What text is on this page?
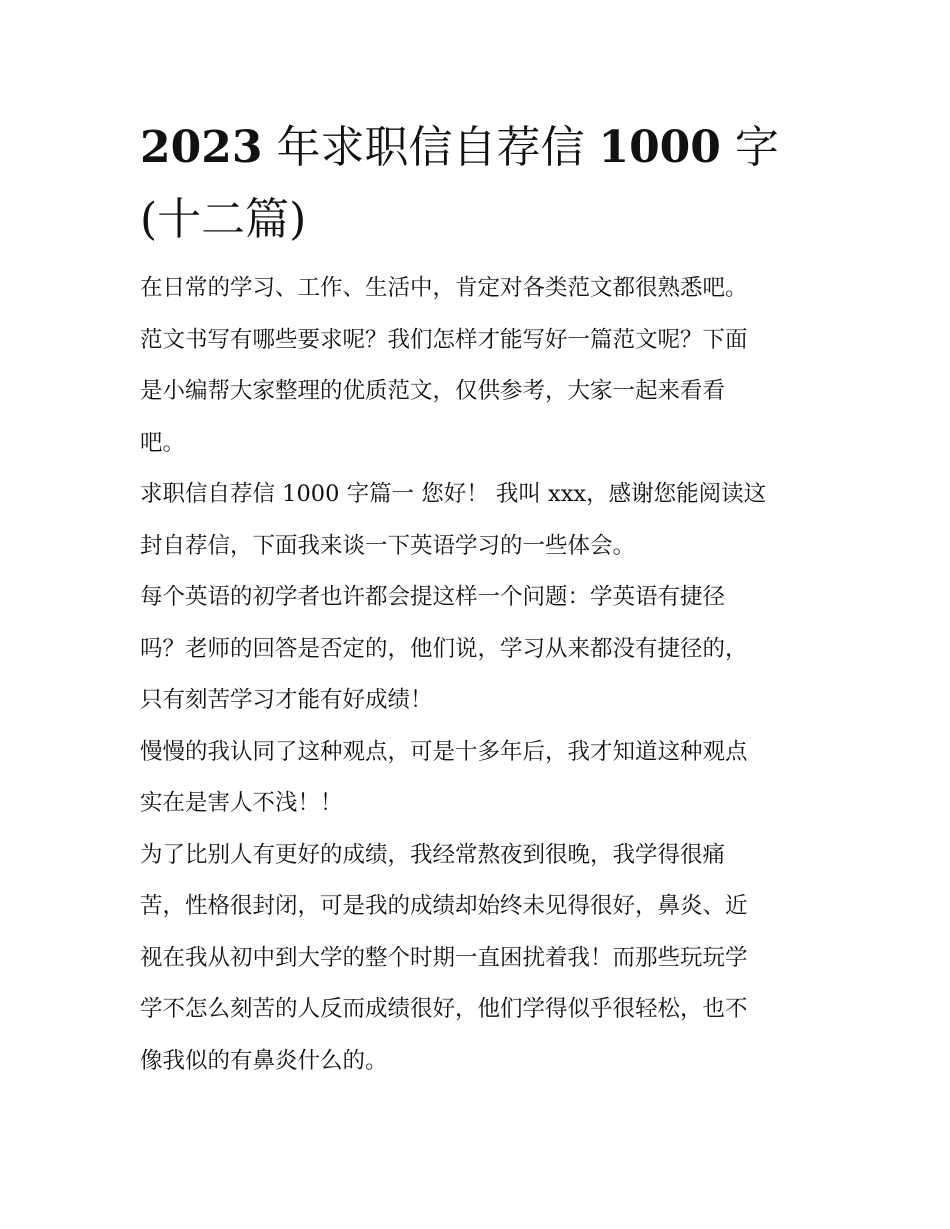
2023 年求职信自荐信 1000 字
(十二篇)

在日常的学习、工作、生活中，肯定对各类范文都很熟悉吧。
范文书写有哪些要求呢？我们怎样才能写好一篇范文呢？下面
是小编帮大家整理的优质范文，仅供参考，大家一起来看看
吧。

求职信自荐信 1000 字篇一 您好！ 我叫 xxx，感谢您能阅读这
封自荐信，下面我来谈一下英语学习的一些体会。

每个英语的初学者也许都会提这样一个问题：学英语有捷径
吗？老师的回答是否定的，他们说，学习从来都没有捷径的，
只有刻苦学习才能有好成绩！

慢慢的我认同了这种观点，可是十多年后，我才知道这种观点
实在是害人不浅！！

为了比别人有更好的成绩，我经常熬夜到很晚，我学得很痛
苦，性格很封闭，可是我的成绩却始终未见得很好，鼻炎、近
视在我从初中到大学的整个时期一直困扰着我！而那些玩玩学
学不怎么刻苦的人反而成绩很好，他们学得似乎很轻松，也不
像我似的有鼻炎什么的。
